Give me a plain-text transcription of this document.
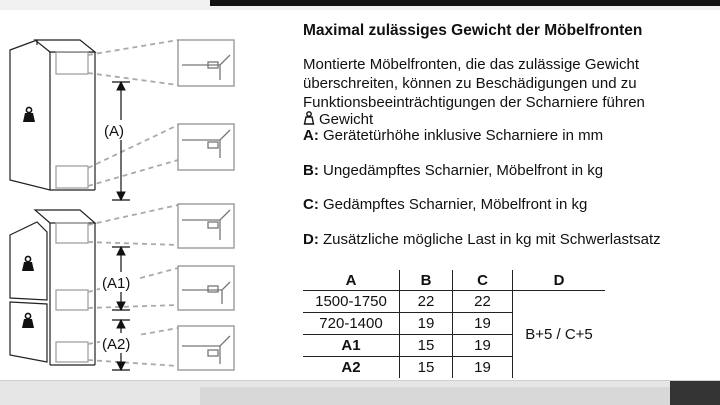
(A)
(A1)
(A2)
Maximal zulässiges Gewicht der Möbelfronten
Montierte Möbelfronten, die das zulässige Gewicht überschreiten, können zu Beschädigungen und zu Funktionsbeeinträchtigungen der Scharniere führen
Gewicht
A: Gerätetürhöhe inklusive Scharniere in mm
B: Ungedämpftes Scharnier, Möbelfront in kg
C: Gedämpftes Scharnier, Möbelfront in kg
D: Zusätzliche mögliche Last in kg mit Schwerlastsatz
A	B	C	D
1500-1750	22	22	B+5 / C+5
720-1400	19	19	
A1	15	19	
A2	15	19	
